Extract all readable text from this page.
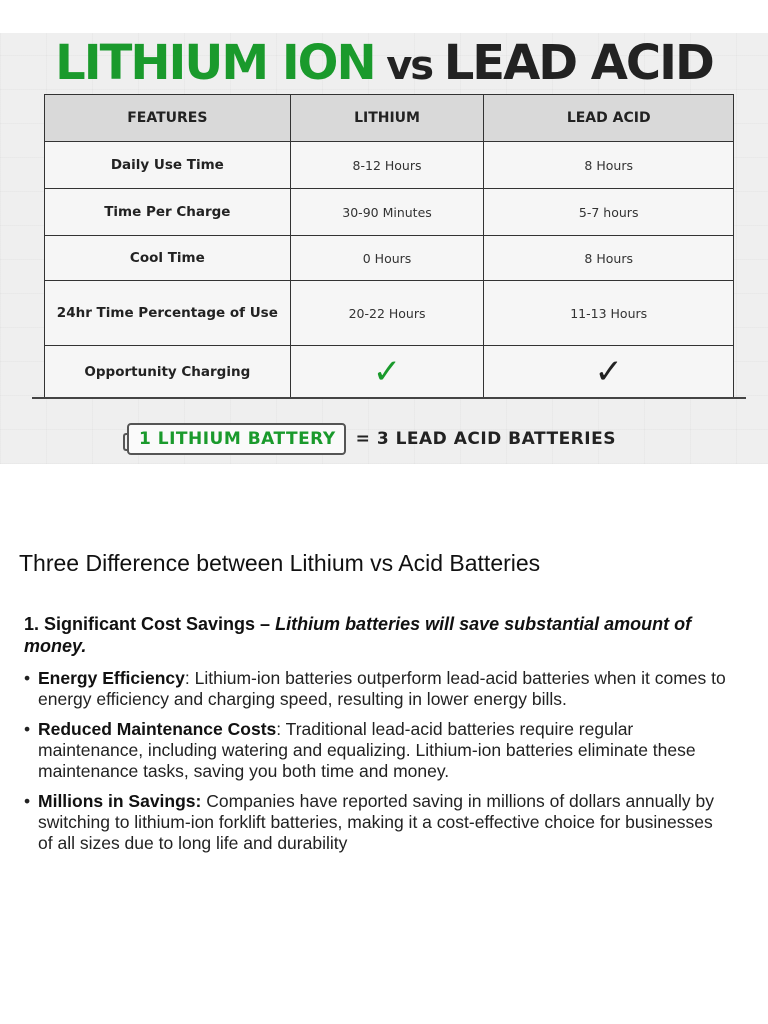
LITHIUM ION vs LEAD ACID
FEATURES	LITHIUM	LEAD ACID
Daily Use Time	8-12 Hours	8 Hours
Time Per Charge	30-90 Minutes	5-7 hours
Cool Time	0 Hours	8 Hours
24hr Time Percentage of Use	20-22 Hours	11-13 Hours
Opportunity Charging	✓	✓
1 LITHIUM BATTERY	= 3 LEAD ACID BATTERIES
Three Difference between Lithium vs Acid Batteries
1. Significant Cost Savings – Lithium batteries will save substantial amount of money.
• Energy Efficiency: Lithium-ion batteries outperform lead-acid batteries when it comes to energy efficiency and charging speed, resulting in lower energy bills.
• Reduced Maintenance Costs: Traditional lead-acid batteries require regular maintenance, including watering and equalizing. Lithium-ion batteries eliminate these maintenance tasks, saving you both time and money.
• Millions in Savings: Companies have reported saving in millions of dollars annually by switching to lithium-ion forklift batteries, making it a cost-effective choice for businesses of all sizes due to long life and durability
